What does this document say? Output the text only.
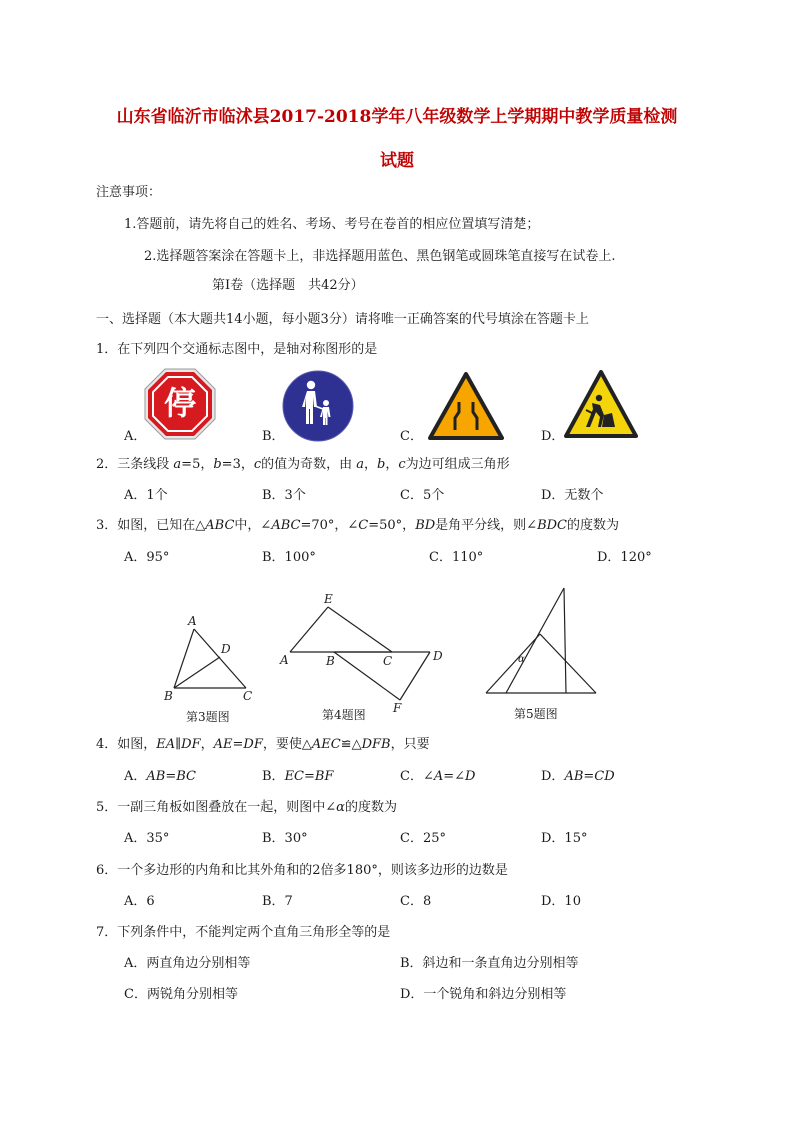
山东省临沂市临沭县2017-2018学年八年级数学上学期期中教学质量检测
试题
注意事项：
1.答题前，请先将自己的姓名、考场、考号在卷首的相应位置填写清楚；
2.选择题答案涂在答题卡上，非选择题用蓝色、黑色钢笔或圆珠笔直接写在试卷上.
第Ⅰ卷（选择题　共42分）
一、选择题（本大题共14小题，每小题3分）请将唯一正确答案的代号填涂在答题卡上
1．在下列四个交通标志图中，是轴对称图形的是
停
A．	B．	C．	D．
2．三条线段 a=5，b=3，c的值为奇数，由 a，b，c为边可组成三角形
A．1个	B．3个	C．5个	D．无数个
3．如图，已知在△ABC中，∠ABC=70°，∠C=50°，BD是角平分线，则∠BDC的度数为
A．95°	B．100°	C．110°	D．120°
A
D
B	C
第3题图
E
A	B	C	D
F
第4题图
α
第5题图
4．如图，EA∥DF，AE=DF，要使△AEC≌△DFB，只要
A．AB=BC	B．EC=BF	C．∠A=∠D	D．AB=CD
5．一副三角板如图叠放在一起，则图中∠α的度数为
A．35°	B．30°	C．25°	D．15°
6．一个多边形的内角和比其外角和的2倍多180°，则该多边形的边数是
A．6	B．7	C．8	D．10
7．下列条件中，不能判定两个直角三角形全等的是
A．两直角边分别相等	B．斜边和一条直角边分别相等
C．两锐角分别相等	D．一个锐角和斜边分别相等
